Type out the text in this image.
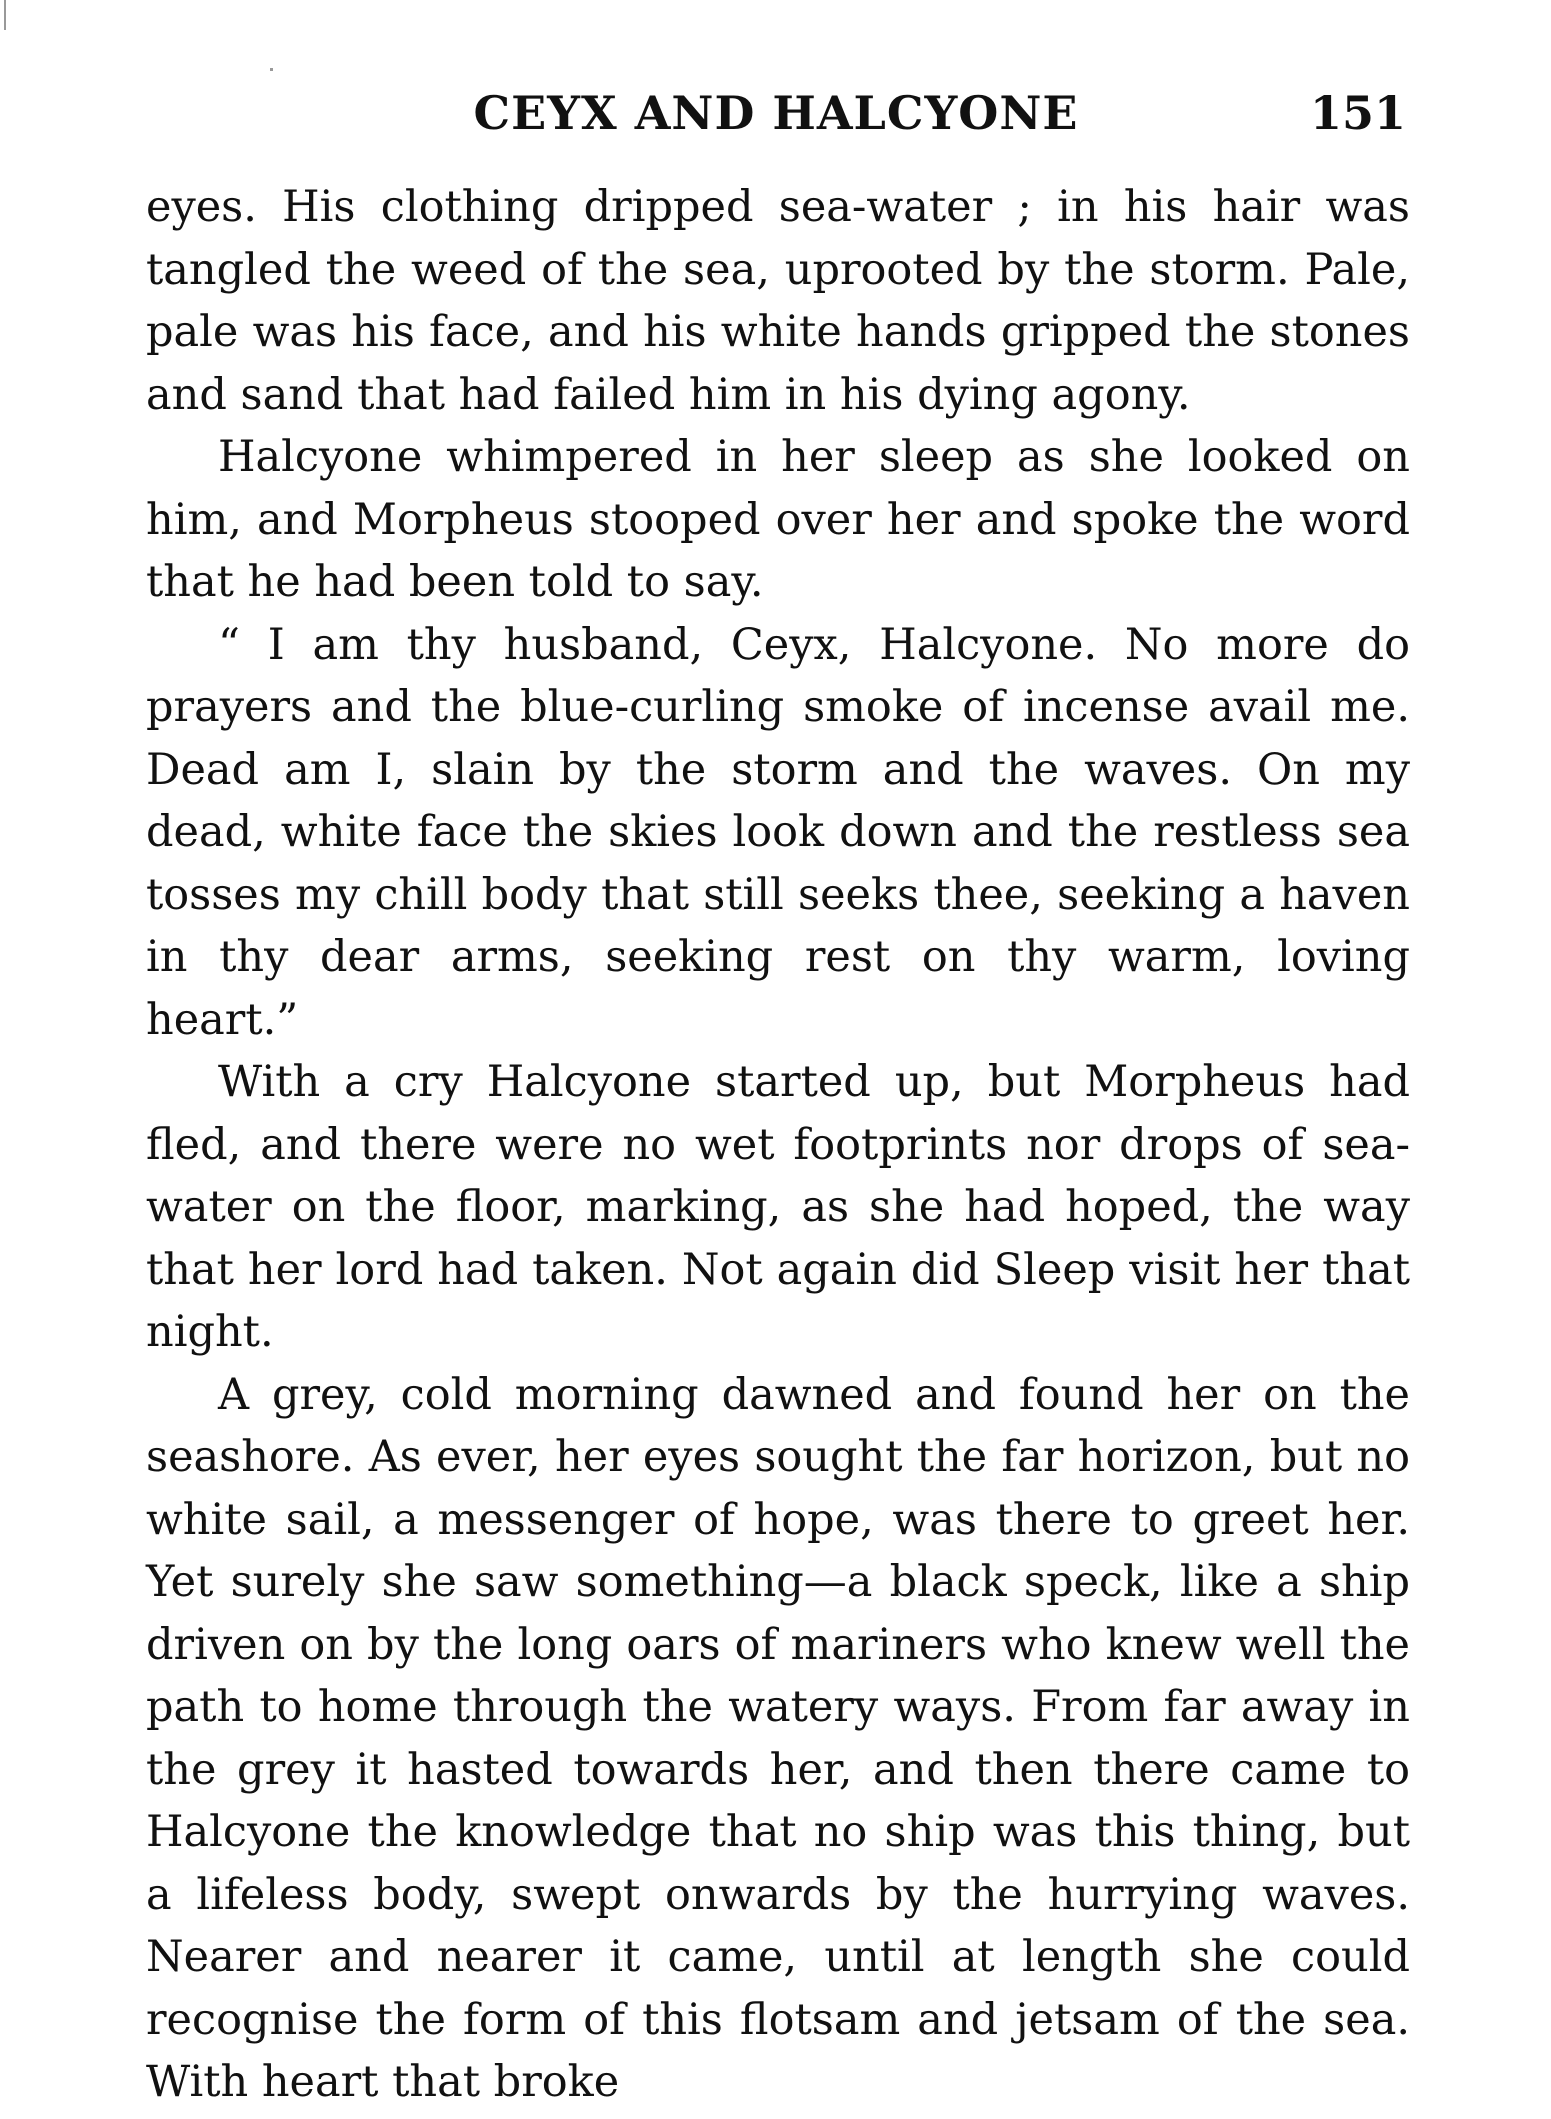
CEYX AND HALCYONE	151

eyes. His clothing dripped sea-water ; in his hair was tangled the weed of the sea, uprooted by the storm. Pale, pale was his face, and his white hands gripped the stones and sand that had failed him in his dying agony.

Halcyone whimpered in her sleep as she looked on him, and Morpheus stooped over her and spoke the word that he had been told to say.

“ I am thy husband, Ceyx, Halcyone. No more do prayers and the blue-curling smoke of incense avail me. Dead am I, slain by the storm and the waves. On my dead, white face the skies look down and the restless sea tosses my chill body that still seeks thee, seeking a haven in thy dear arms, seeking rest on thy warm, loving heart.”

With a cry Halcyone started up, but Morpheus had fled, and there were no wet footprints nor drops of sea-water on the floor, marking, as she had hoped, the way that her lord had taken. Not again did Sleep visit her that night.

A grey, cold morning dawned and found her on the seashore. As ever, her eyes sought the far horizon, but no white sail, a messenger of hope, was there to greet her. Yet surely she saw something—a black speck, like a ship driven on by the long oars of mariners who knew well the path to home through the watery ways. From far away in the grey it hasted towards her, and then there came to Halcyone the knowledge that no ship was this thing, but a lifeless body, swept onwards by the hurrying waves. Nearer and nearer it came, until at length she could recognise the form of this flotsam and jetsam of the sea. With heart that broke
